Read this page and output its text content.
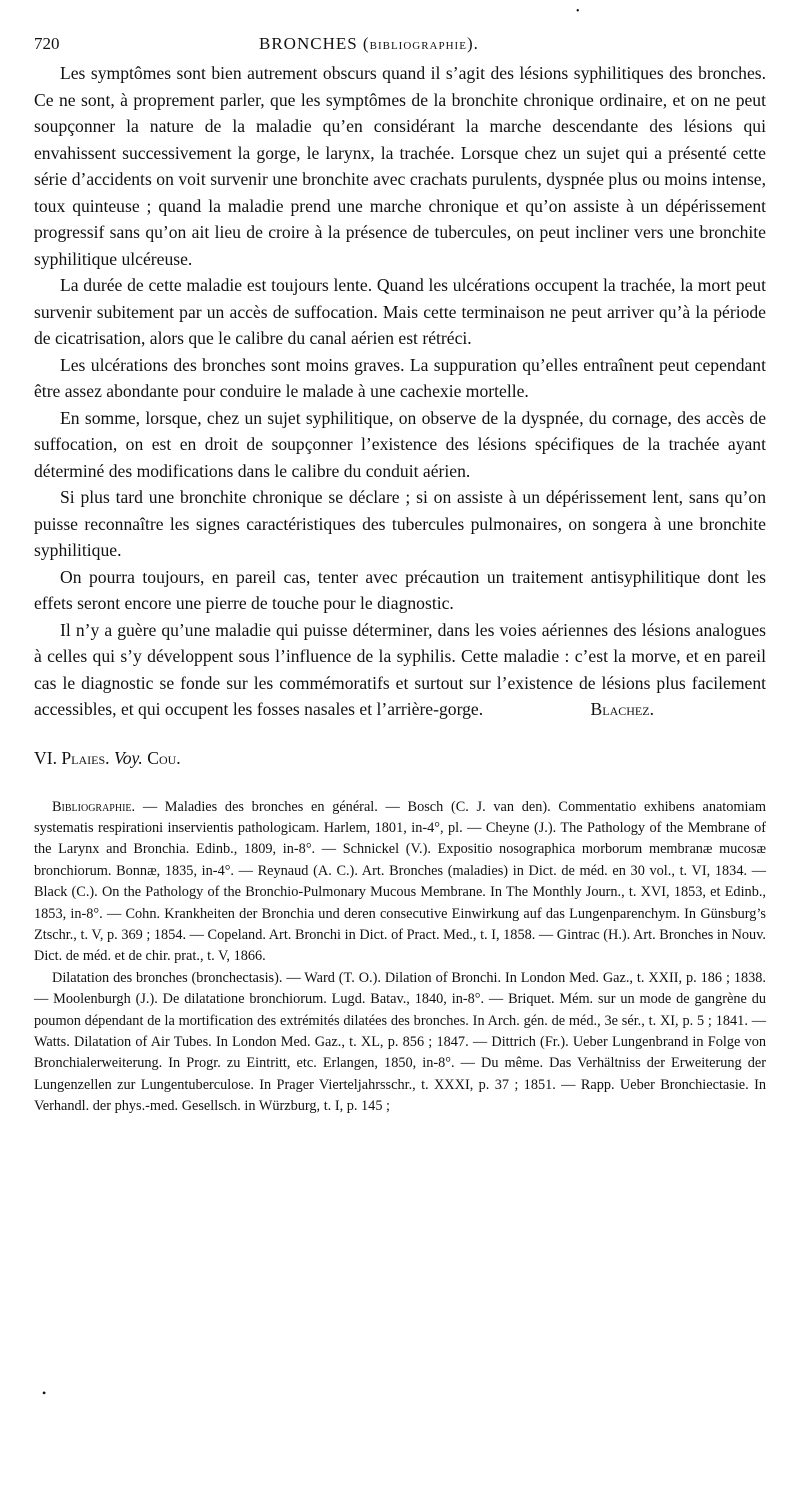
•
720	BRONCHES (BIBLIOGRAPHIE).

Les symptômes sont bien autrement obscurs quand il s’agit des lésions syphilitiques des bronches. Ce ne sont, à proprement parler, que les symptômes de la bronchite chronique ordinaire, et on ne peut soupçonner la nature de la maladie qu’en considérant la marche descendante des lésions qui envahissent successivement la gorge, le larynx, la trachée. Lorsque chez un sujet qui a présenté cette série d’accidents on voit survenir une bronchite avec crachats purulents, dyspnée plus ou moins intense, toux quinteuse ; quand la maladie prend une marche chronique et qu’on assiste à un dépérissement progressif sans qu’on ait lieu de croire à la présence de tubercules, on peut incliner vers une bronchite syphilitique ulcéreuse.

La durée de cette maladie est toujours lente. Quand les ulcérations occupent la trachée, la mort peut survenir subitement par un accès de suffocation. Mais cette terminaison ne peut arriver qu’à la période de cicatrisation, alors que le calibre du canal aérien est rétréci.

Les ulcérations des bronches sont moins graves. La suppuration qu’elles entraînent peut cependant être assez abondante pour conduire le malade à une cachexie mortelle.

En somme, lorsque, chez un sujet syphilitique, on observe de la dyspnée, du cornage, des accès de suffocation, on est en droit de soupçonner l’existence des lésions spécifiques de la trachée ayant déterminé des modifications dans le calibre du conduit aérien.

Si plus tard une bronchite chronique se déclare ; si on assiste à un dépérissement lent, sans qu’on puisse reconnaître les signes caractéristiques des tubercules pulmonaires, on songera à une bronchite syphilitique.

On pourra toujours, en pareil cas, tenter avec précaution un traitement antisyphilitique dont les effets seront encore une pierre de touche pour le diagnostic.

Il n’y a guère qu’une maladie qui puisse déterminer, dans les voies aériennes des lésions analogues à celles qui s’y développent sous l’influence de la syphilis. Cette maladie : c’est la morve, et en pareil cas le diagnostic se fonde sur les commémoratifs et surtout sur l’existence de lésions plus facilement accessibles, et qui occupent les fosses nasales et l’arrière-gorge.	Blachez.

VI. Plaies. Voy. Cou.

Bibliographie. — Maladies des bronches en général. — Bosch (C. J. van den). Commentatio exhibens anatomiam systematis respirationi inservientis pathologicam. Harlem, 1801, in-4°, pl. — Cheyne (J.). The Pathology of the Membrane of the Larynx and Bronchia. Edinb., 1809, in-8°. — Schnickel (V.). Expositio nosographica morborum membranæ mucosæ bronchiorum. Bonnæ, 1835, in-4°. — Reynaud (A. C.). Art. Bronches (maladies) in Dict. de méd. en 30 vol., t. VI, 1834. — Black (C.). On the Pathology of the Bronchio-Pulmonary Mucous Membrane. In The Monthly Journ., t. XVI, 1853, et Edinb., 1853, in-8°. — Cohn. Krankheiten der Bronchia und deren consecutive Einwirkung auf das Lungenparenchym. In Günsburg’s Ztschr., t. V, p. 369 ; 1854. — Copeland. Art. Bronchi in Dict. of Pract. Med., t. I, 1858. — Gintrac (H.). Art. Bronches in Nouv. Dict. de méd. et de chir. prat., t. V, 1866.

Dilatation des bronches (bronchectasis). — Ward (T. O.). Dilation of Bronchi. In London Med. Gaz., t. XXII, p. 186 ; 1838. — Moolenburgh (J.). De dilatatione bronchiorum. Lugd. Batav., 1840, in-8°. — Briquet. Mém. sur un mode de gangrène du poumon dépendant de la mortification des extrémités dilatées des bronches. In Arch. gén. de méd., 3e sér., t. XI, p. 5 ; 1841. — Watts. Dilatation of Air Tubes. In London Med. Gaz., t. XL, p. 856 ; 1847. — Dittrich (Fr.). Ueber Lungenbrand in Folge von Bronchialerweiterung. In Progr. zu Eintritt, etc. Erlangen, 1850, in-8°. — Du même. Das Verhältniss der Erweiterung der Lungenzellen zur Lungentuberculose. In Prager Vierteljahrsschr., t. XXXI, p. 37 ; 1851. — Rapp. Ueber Bronchiectasie. In Verhandl. der phys.-med. Gesellsch. in Würzburg, t. I, p. 145 ;

•
